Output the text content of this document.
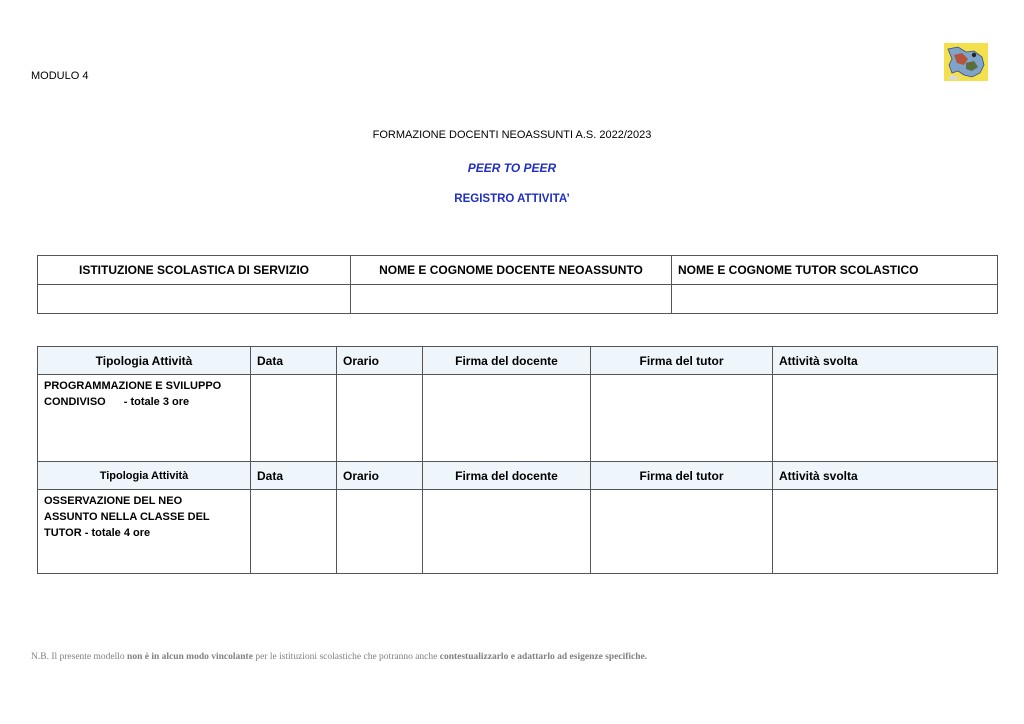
MODULO 4
FORMAZIONE DOCENTI NEOASSUNTI A.S. 2022/2023
PEER TO PEER
REGISTRO ATTIVITA’
ISTITUZIONE SCOLASTICA DI SERVIZIO	NOME E COGNOME DOCENTE NEOASSUNTO	NOME E COGNOME TUTOR SCOLASTICO

Tipologia Attività	Data	Orario	Firma del docente	Firma del tutor	Attività svolta

PROGRAMMAZIONE E SVILUPPO
CONDIVISO - totale 3 ore					

Tipologia Attività	Data	Orario	Firma del docente	Firma del tutor	Attività svolta

OSSERVAZIONE DEL NEO
ASSUNTO NELLA CLASSE DEL
TUTOR - totale 4 ore					

N.B. Il presente modello non è in alcun modo vincolante per le istituzioni scolastiche che potranno anche contestualizzarlo e adattarlo ad esigenze specifiche.
